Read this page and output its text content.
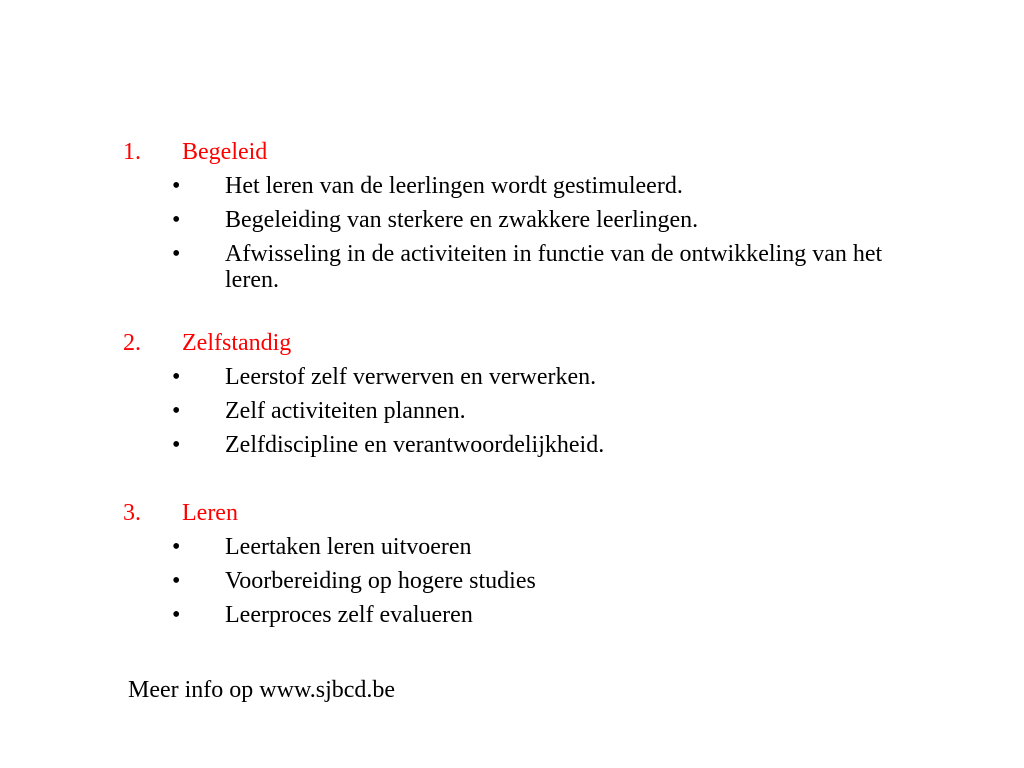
1. Begeleid
• Het leren van de leerlingen wordt gestimuleerd.
• Begeleiding van sterkere en zwakkere leerlingen.
• Afwisseling in de activiteiten in functie van de ontwikkeling van het leren.
2. Zelfstandig
• Leerstof zelf verwerven en verwerken.
• Zelf activiteiten plannen.
• Zelfdiscipline en verantwoordelijkheid.
3. Leren
• Leertaken leren uitvoeren
• Voorbereiding op hogere studies
• Leerproces zelf evalueren
Meer info op www.sjbcd.be
